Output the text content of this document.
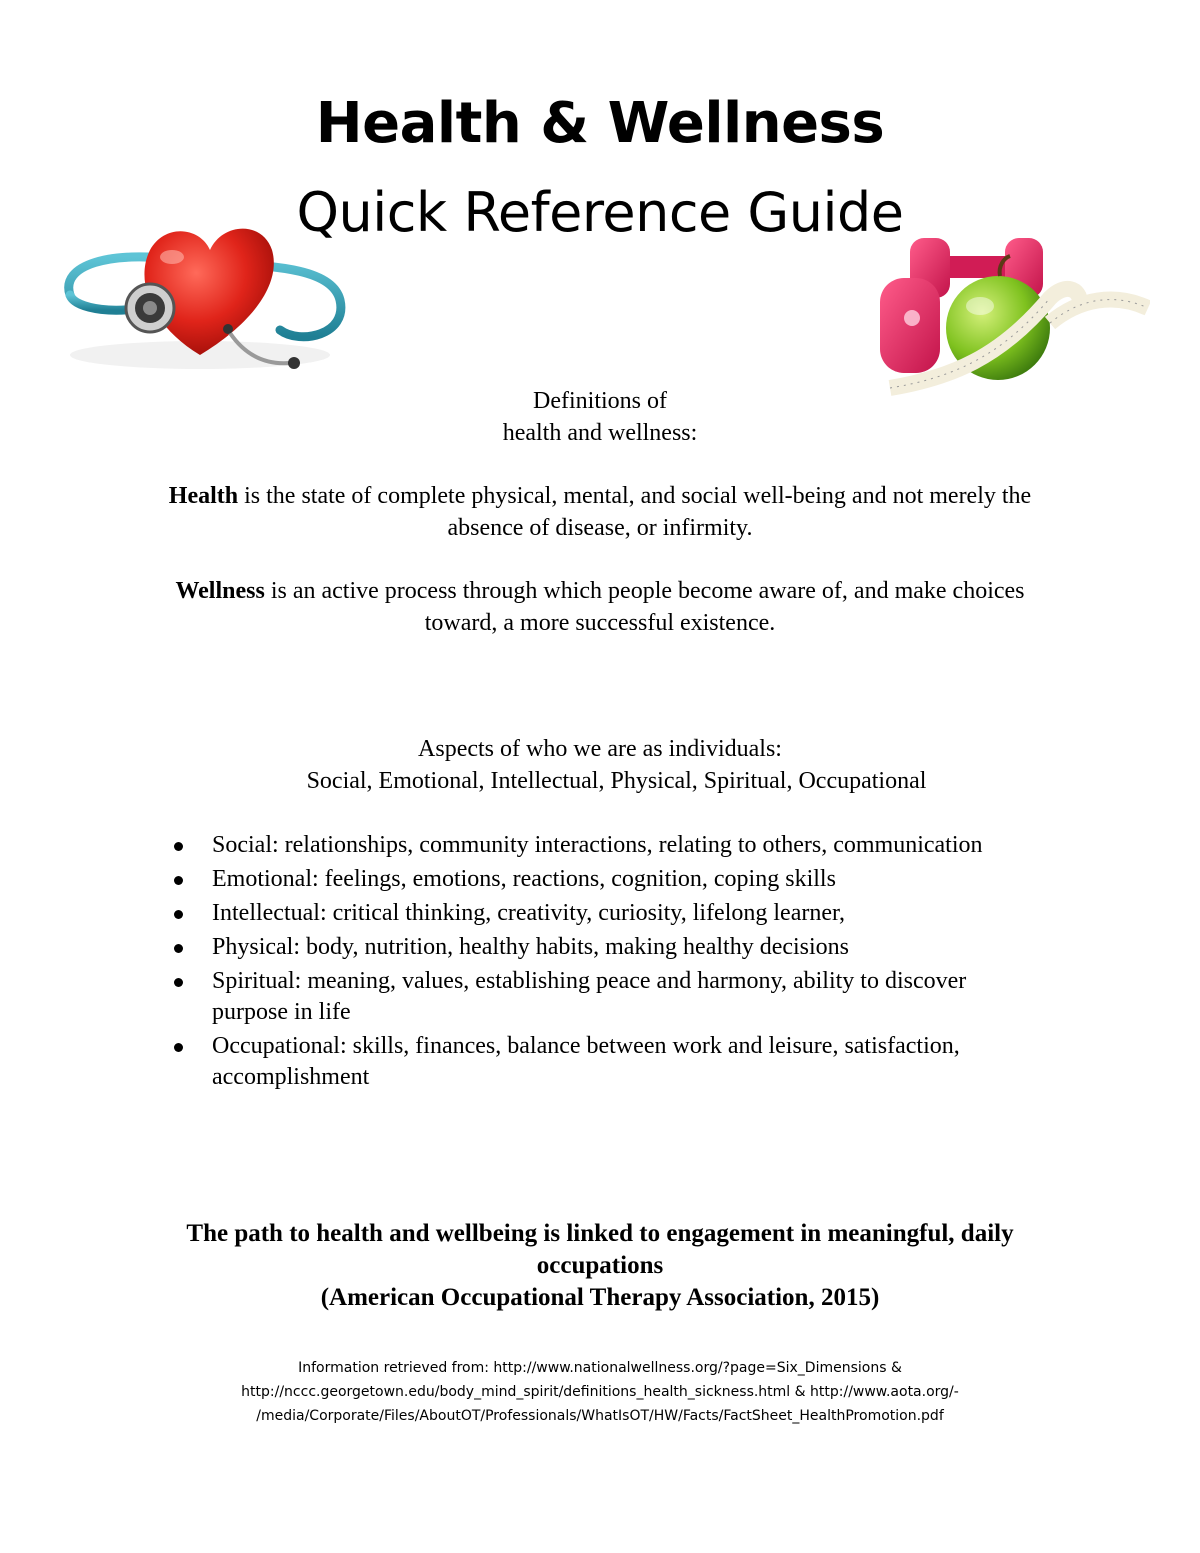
Health & Wellness
Quick Reference Guide
Definitions of
health and wellness:
Health is the state of complete physical, mental, and social well-being and not merely the absence of disease, or infirmity.
Wellness is an active process through which people become aware of, and make choices toward, a more successful existence.
Aspects of who we are as individuals:
Social, Emotional, Intellectual, Physical, Spiritual, Occupational
Social: relationships, community interactions, relating to others, communication
Emotional: feelings, emotions, reactions, cognition, coping skills
Intellectual: critical thinking, creativity, curiosity, lifelong learner,
Physical: body, nutrition, healthy habits, making healthy decisions
Spiritual: meaning, values, establishing peace and harmony, ability to discover purpose in life
Occupational: skills, finances, balance between work and leisure, satisfaction, accomplishment
The path to health and wellbeing is linked to engagement in meaningful, daily occupations
(American Occupational Therapy Association, 2015)
Information retrieved from: http://www.nationalwellness.org/?page=Six_Dimensions &
http://nccc.georgetown.edu/body_mind_spirit/definitions_health_sickness.html & http://www.aota.org/-
/media/Corporate/Files/AboutOT/Professionals/WhatIsOT/HW/Facts/FactSheet_HealthPromotion.pdf
